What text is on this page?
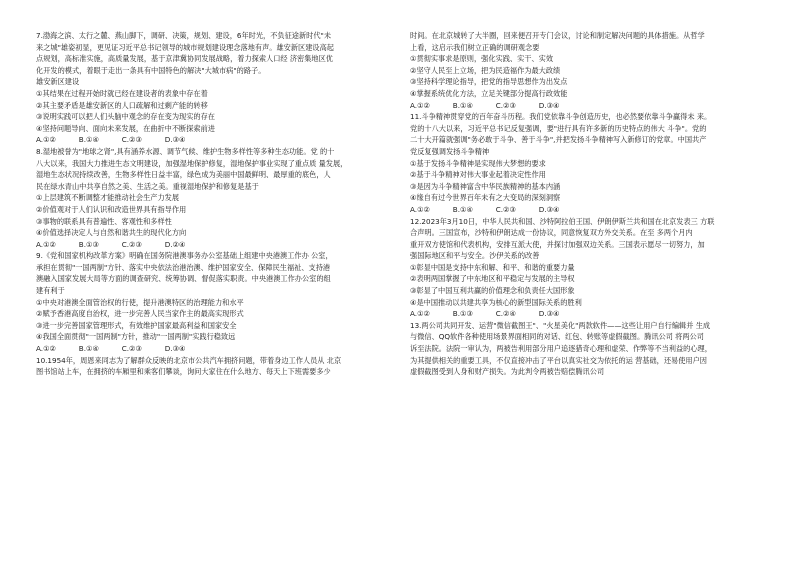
7.渤海之滨、太行之麓、燕山脚下，调研、决策，规划、建设，6年时光，不负征途新时代"未
来之城"雄姿初显，更见证习近平总书记领导的城市规划建设理念落地有声。雄安新区建设高起
点规划，高标准实施，高质量发展，基于京津冀协同发展战略，着力探索人口经 济密集地区优
化开发的模式，着眼于走出一条具有中国特色的解决"大城市病"的路子。
雄安新区建设
①其结果在过程开始时就已经在建设者的表象中存在着
②其主要矛盾是雄安新区的人口疏解和过剩产能的转移
③说明实践可以把人们头脑中观念的存在变为现实的存在
④坚持问题导向、面向未来发展，在曲折中不断探索前进
A.①②          B.①④          C.②③          D.③④
8.湿地被誉为"地球之肾",具有涵养水源、调节气候、维护生物多样性等多种生态功能。党 的十
八大以来，我国大力推进生态文明建设，加强湿地保护修复，湿地保护事业实现了重点质 量发展，
湿地生态状况持续改善，生物多样性日益丰富，绿色成为美丽中国最鲜明、最厚重的底色，人
民在绿水青山中共享自然之美、生活之美。重视湿地保护和修复是基于
①上层建筑不断调整才能推动社会生产力发展
②价值观对于人们认识和改造世界具有指导作用
③事物的联系具有普遍性、客观性和多样性
④价值选择决定人与自然和谐共生的现代化方向
A.①②          B.①③          C.②③          D.②④
9.《党和国家机构改革方案》明确在国务院港澳事务办公室基础上组建中央港澳工作办 公室，
承担在贯彻"一国两制"方针、落实中央依法治港治澳、维护国家安全、保障民生福祉、支持港
澳融入国家发展大局等方面的调查研究、统筹协调、督促落实职责。中央港澳工作办公室的组
建有利于
①中央对港澳全面管治权的行使，提升港澳特区的治理能力和水平
②赋予香港高度自治权，进一步完善人民当家作主的最高实现形式
③进一步完善国家管理形式，有效维护国家最高利益和国家安全
④我国全面贯彻"一国两制"方针，推动"一国两制"实践行稳致远
A.①②          B.①④          C.②③          D.③④
10.1954年，周恩来同志为了解群众反映的北京市公共汽车拥挤问题，带着身边工作人员从 北京
图书馆站上车，在拥挤的车厢里和乘客们攀谈，询问大家住在什么地方、每天上下班需要多少
时间。在北京城转了大半圈，回来便召开专门会议，讨论和制定解决问题的具体措施。从哲学
上看，这启示我们树立正确的调研观念要
①贯彻实事求是原则，强化实践、实干、实效
②坚守人民至上立场，把为民造福作为最大政绩
③坚持科学理论指导，把党的指导思想作为出发点
④掌握系统优化方法，立足关键部分提高行政效能
A.①②          B.①④          C.②③          D.③④
11.斗争精神贯穿党的百年奋斗历程。我们党依靠斗争创造历史，也必然要依靠斗争赢得未 来。
党的十八大以来，习近平总书记反复强调，要"进行具有许多新的历史特点的伟大 斗争"。党的
二十大开篇就强调"务必敢于斗争、善于斗争",并把发扬斗争精神写入新修订的党章。中国共产
党反复强调发扬斗争精神
①基于发扬斗争精神是实现伟大梦想的要求
②基于斗争精神对伟大事业起着决定性作用
③是因为斗争精神富含中华民族精神的基本内涵
④缘自有过今世界百年未有之大变局的深刻洞察
A.①②          B.①④          C.②③          D.③④
12.2023年3月10日，中华人民共和国、沙特阿拉伯王国、伊朗伊斯兰共和国在北京发表三 方联
合声明。三国宣布，沙特和伊朗达成一份协议，同意恢复双方外交关系。在至 多两个月内
重开双方使馆和代表机构，安排互派大使，并探讨加强双边关系。三国表示愿尽一切努力，加
强国际地区和平与安全。沙伊关系的改善
①彰显中国是支持中东和解、和平、和谐的重要力量
②表明两国掌握了中东地区和平稳定与发展的主导权
③彰显了中国互利共赢的价值理念和负责任大国形象
④是中国推动以共建共享为核心的新型国际关系的胜利
A.①②          B.①③          C.②④          D.③④
13.两公司共同开发、运营"微信截图王"、"火星美化"两款软件——这些让用户自行编辑并 生成
与微信、QQ软件各种使用场景界面相同的对话、红包、转账等虚假截图。腾讯公司 将两公司
诉至法院。法院一审认为，两被告利用部分用户追逐猎奇心理和虚荣、作弊等不当利益的心理，
为其提供相关的重要工具，不仅直接冲击了平台以真实社交为依托的运 营基础，还易使用户因
虚假截图受到人身和财产损失。为此判令两被告赔偿腾讯公司
